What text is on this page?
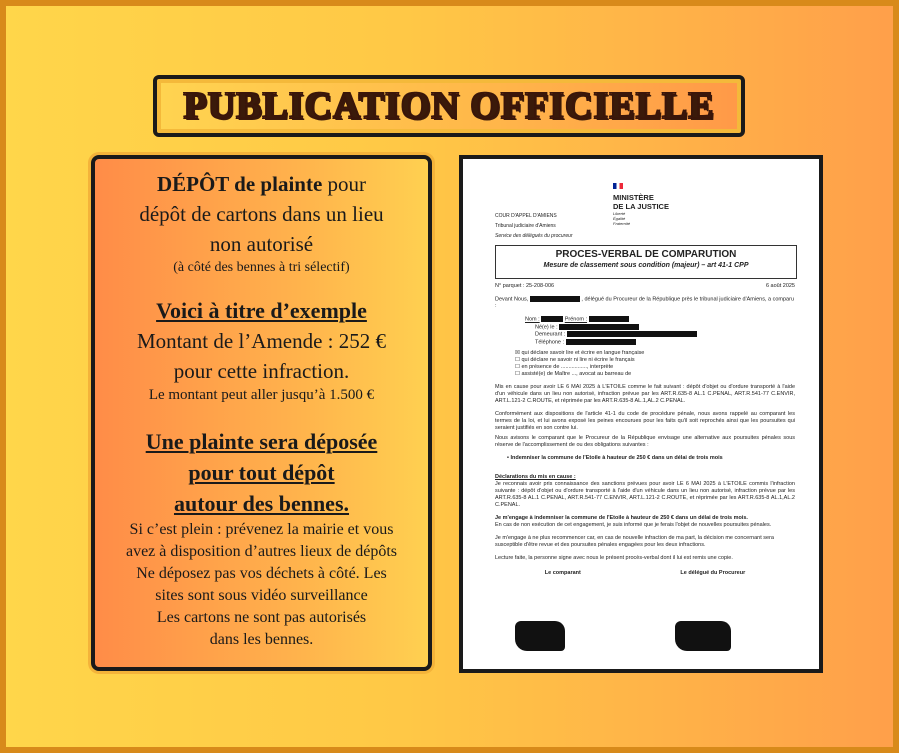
PUBLICATION OFFICIELLE

DÉPÔT de plainte pour

dépôt de cartons dans un lieu

non autorisé

(à côté des bennes à tri sélectif)

Voici à titre d’exemple

Montant de l’Amende : 252 €

pour cette infraction.

Le montant peut aller jusqu’à 1.500 €

Une plainte sera déposée

pour tout dépôt

autour des bennes.

Si c’est plein : prévenez la mairie et vous

avez à disposition d’autres lieux de dépôts

Ne déposez pas vos déchets à côté. Les

sites sont sous vidéo surveillance

Les cartons ne sont pas autorisés

dans les bennes.

MINISTÈRE
DE LA JUSTICE
Liberté
Égalité
Fraternité
COUR D'APPEL D'AMIENS
Tribunal judiciaire d'Amiens
Service des délégués du procureur
PROCES-VERBAL DE COMPARUTION
Mesure de classement sous condition (majeur) – art 41-1 CPP
N° parquet : 25-208-006	6 août 2025
Devant Nous,	, délégué du Procureur de la République près le tribunal judiciaire d'Amiens, a comparu :
Nom :	Prénom :
Né(e) le :
Demeurant :
Téléphone :
☒ qui déclare savoir lire et écrire en langue française
☐ qui déclare ne savoir ni lire ni écrire le français
☐ en présence de ................., interprète
☐ assisté(e) de Maître ..., avocat au barreau de
Mis en cause pour avoir LE 6 MAI 2025 à L'ETOILE comme le fait suivant : dépôt d'objet ou d'ordure transporté à l'aide d'un véhicule dans un lieu non autorisé, infraction prévue par les ART.R.635-8 AL.1 C.PENAL, ART.R.541-77 C.ENVIR, ART.L.121-2 C.ROUTE, et réprimée par les ART.R.635-8 AL.1,AL.2 C.PENAL.
Conformément aux dispositions de l'article 41-1 du code de procédure pénale, nous avons rappelé au comparant les termes de la loi, et lui avons exposé les peines encourues pour les faits qu'il soit reprochés ainsi que les poursuites qui seraient justifiés en son contre lui.
Nous avisons le comparant que le Procureur de la République envisage une alternative aux poursuites pénales sous réserve de l'accomplissement de ou des obligations suivantes :
• Indemniser la commune de l'Etoile à hauteur de 250 € dans un délai de trois mois
Déclarations du mis en cause :
Je reconnais avoir pris connaissance des sanctions prévues pour avoir LE 6 MAI 2025 à L'ETOILE commis l'infraction suivante : dépôt d'objet ou d'ordure transporté à l'aide d'un véhicule dans un lieu non autorisé, infraction prévue par les ART.R.635-8 AL.1 C.PENAL, ART.R.541-77 C.ENVIR, ART.L.121-2 C.ROUTE, et réprimée par les ART.R.635-8 AL.1,AL.2 C.PENAL.
Je m'engage à indemniser la commune de l'Etoile à hauteur de 250 € dans un délai de trois mois.
En cas de non exécution de cet engagement, je suis informé que je ferais l'objet de nouvelles poursuites pénales.
Je m'engage à ne plus recommencer car, en cas de nouvelle infraction de ma part, la décision me concernant sera susceptible d'être revue et des poursuites pénales engagées pour les deux infractions.
Lecture faite, la personne signe avec nous le présent procès-verbal dont il lui est remis une copie.
Le comparant	Le délégué du Procureur
